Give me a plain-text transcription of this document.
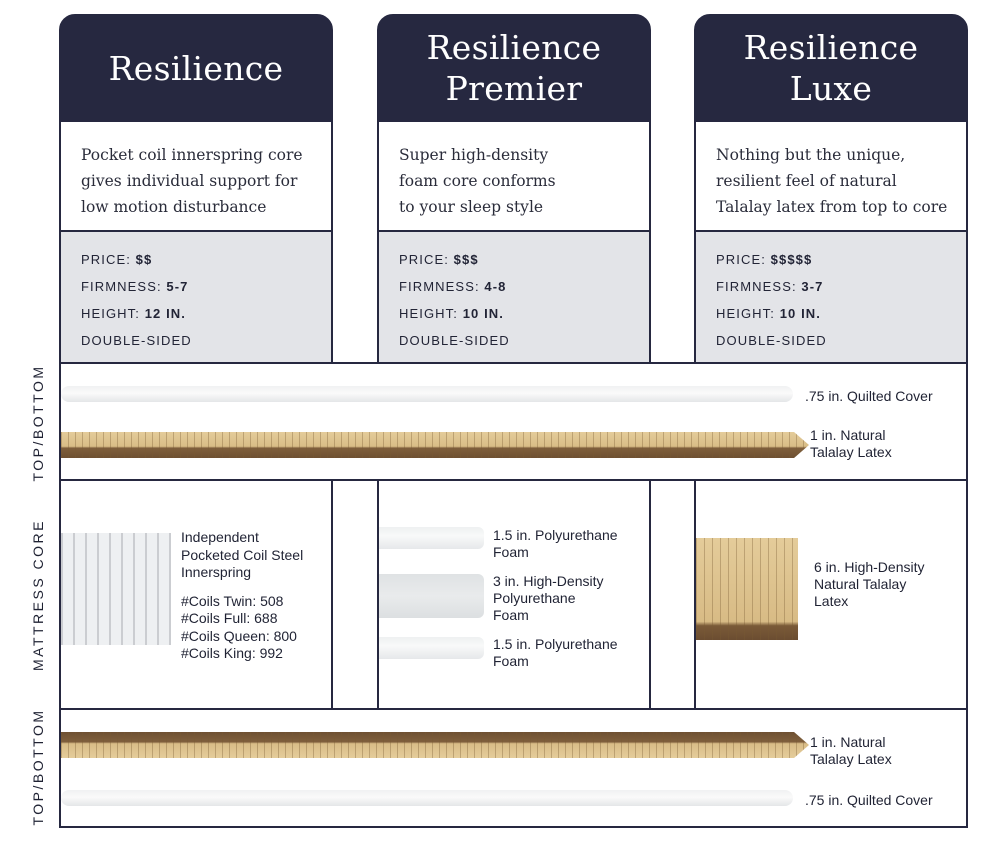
Resilience
Pocket coil innerspring core
gives individual support for
low motion disturbance
PRICE: $$
FIRMNESS: 5-7
HEIGHT: 12 IN.
DOUBLE-SIDED
Resilience
Premier
Super high-density
foam core conforms
to your sleep style
PRICE: $$$
FIRMNESS: 4-8
HEIGHT: 10 IN.
DOUBLE-SIDED
Resilience
Luxe
Nothing but the unique,
resilient feel of natural
Talalay latex from top to core
PRICE: $$$$$
FIRMNESS: 3-7
HEIGHT: 10 IN.
DOUBLE-SIDED
TOP/BOTTOM
MATTRESS CORE
TOP/BOTTOM
.75 in. Quilted Cover
1 in. Natural
Talalay Latex
Independent
Pocketed Coil Steel
Innerspring
#Coils Twin: 508
#Coils Full: 688
#Coils Queen: 800
#Coils King: 992
1.5 in. Polyurethane
Foam
3 in. High-Density
Polyurethane
Foam
1.5 in. Polyurethane
Foam
6 in. High-Density
Natural Talalay
Latex
1 in. Natural
Talalay Latex
.75 in. Quilted Cover
